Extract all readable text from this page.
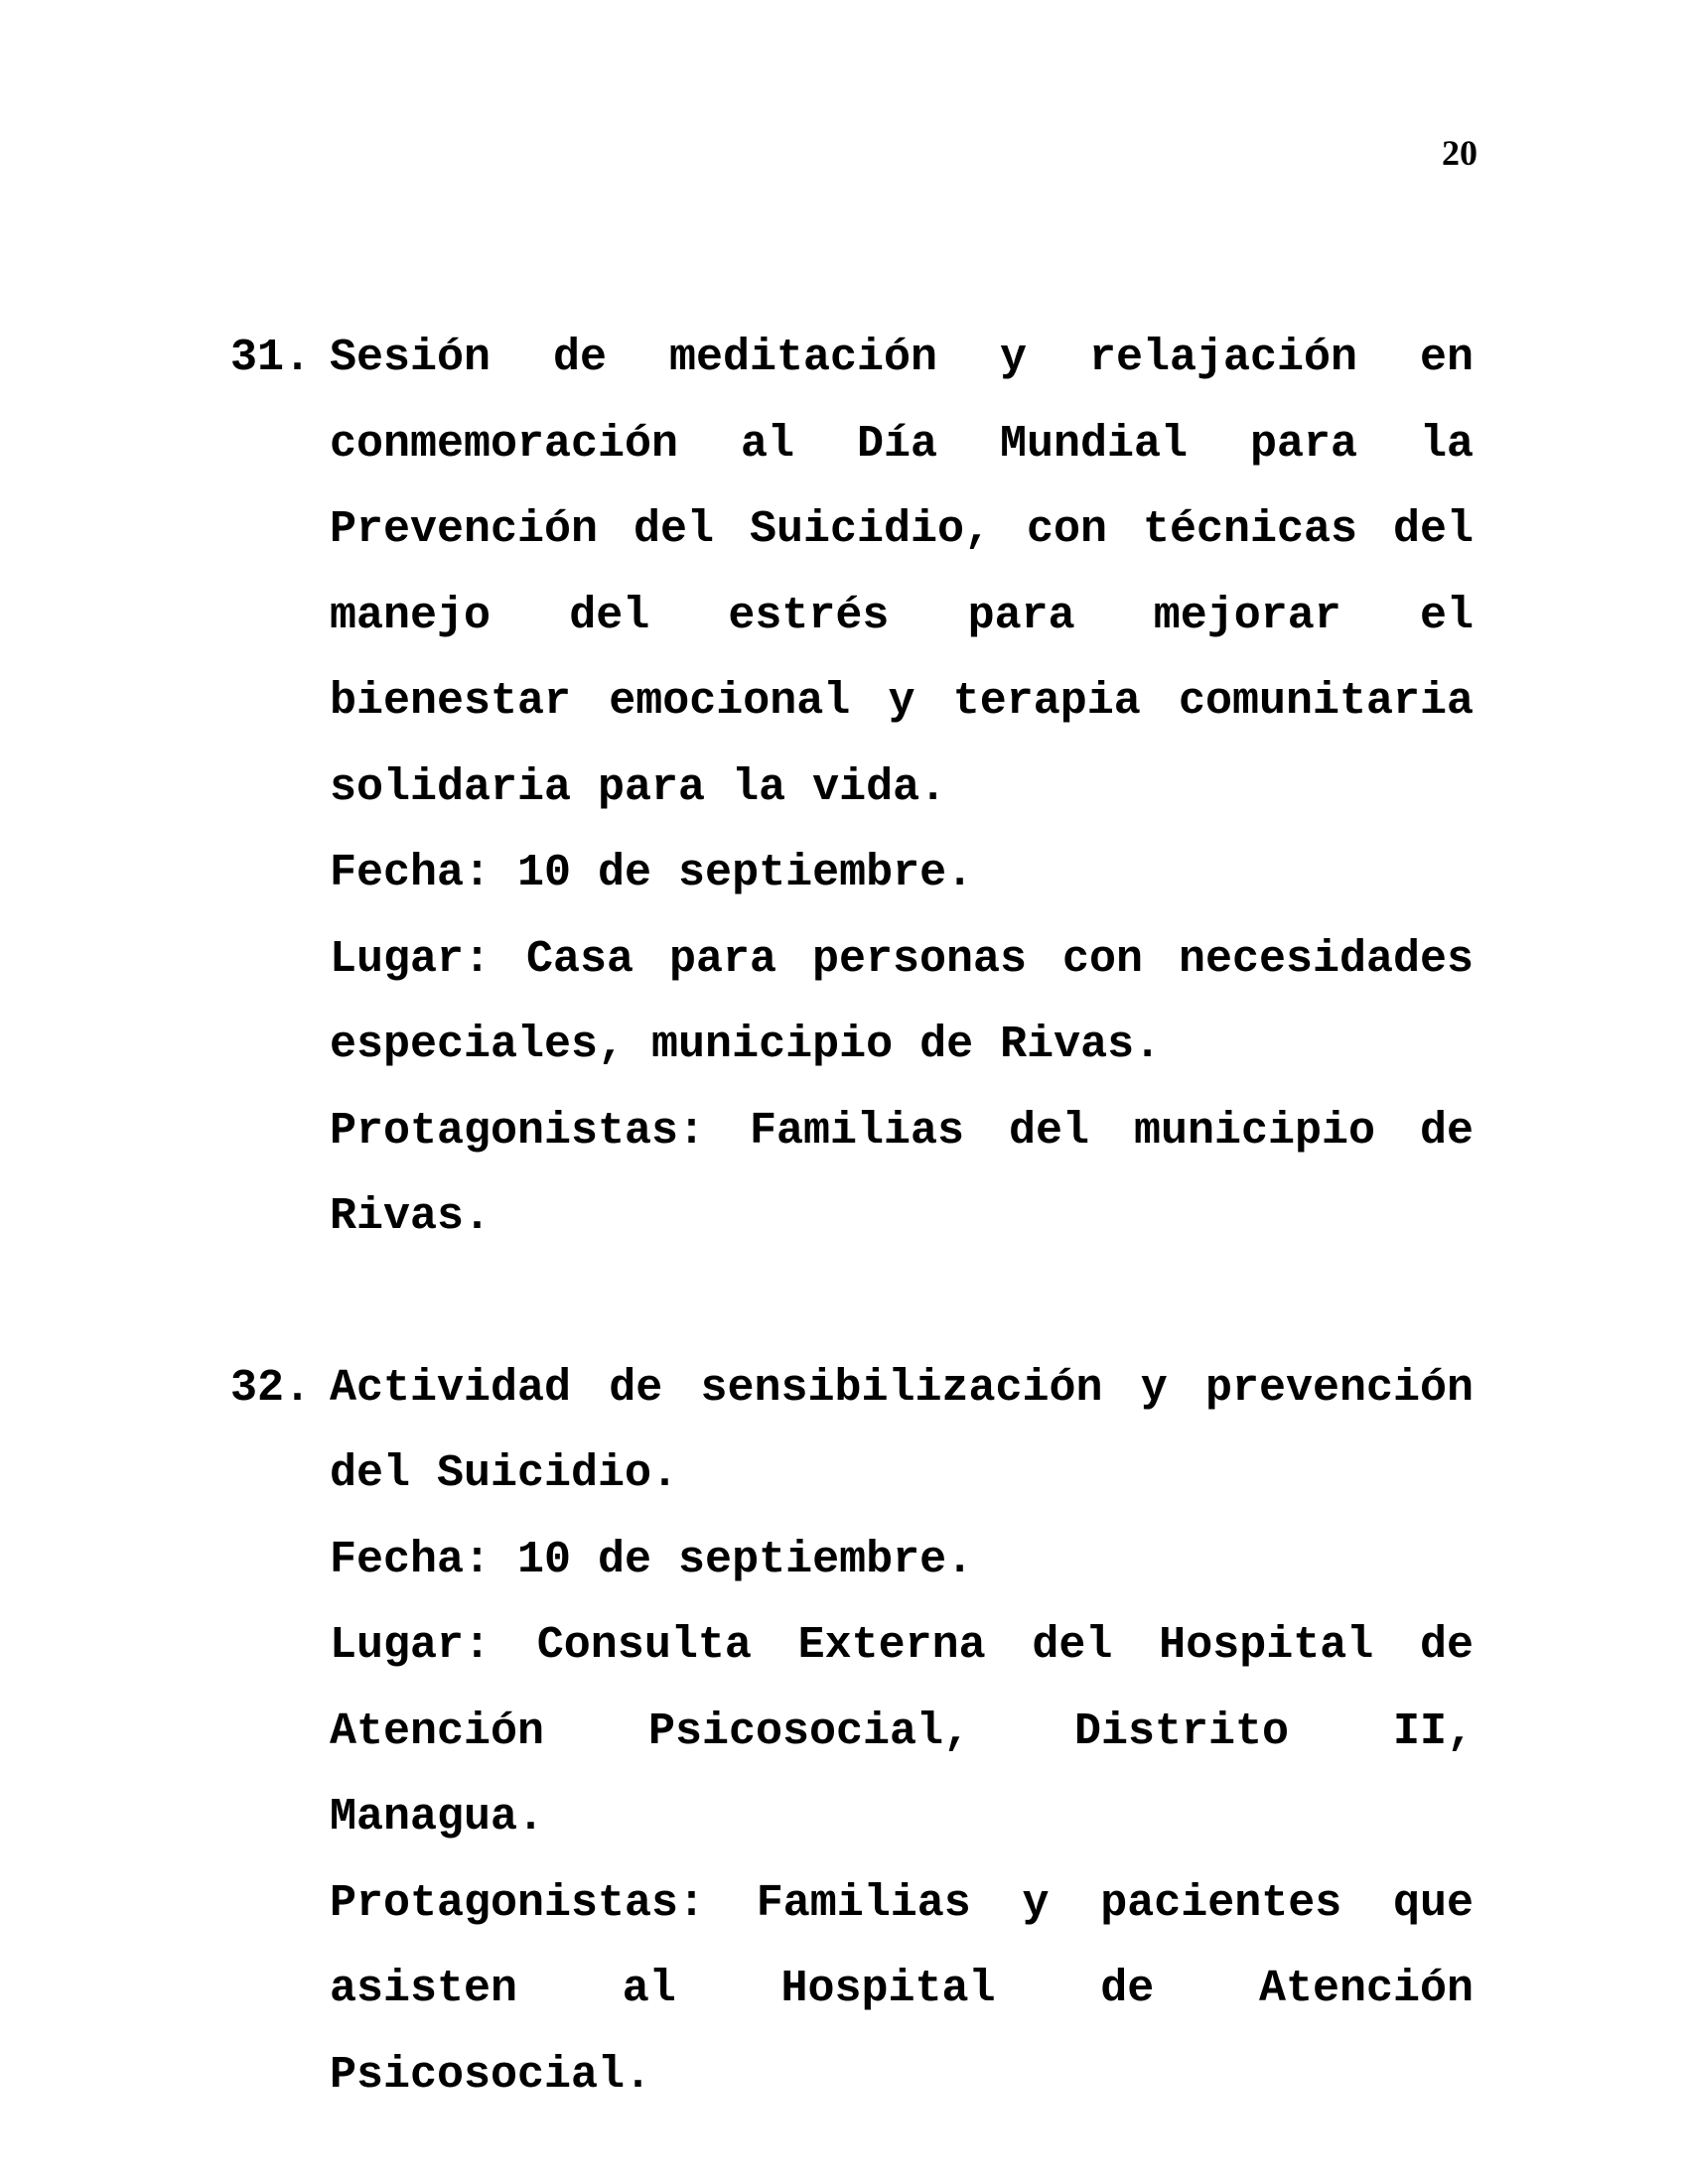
20
31. Sesión de meditación y relajación en conmemoración al Día Mundial para la Prevención del Suicidio, con técnicas del manejo del estrés para mejorar el bienestar emocional y terapia comunitaria solidaria para la vida.
Fecha: 10 de septiembre.
Lugar: Casa para personas con necesidades especiales, municipio de Rivas.
Protagonistas: Familias del municipio de Rivas.
32. Actividad de sensibilización y prevención del Suicidio.
Fecha: 10 de septiembre.
Lugar: Consulta Externa del Hospital de Atención Psicosocial, Distrito II, Managua.
Protagonistas: Familias y pacientes que asisten al Hospital de Atención Psicosocial.
